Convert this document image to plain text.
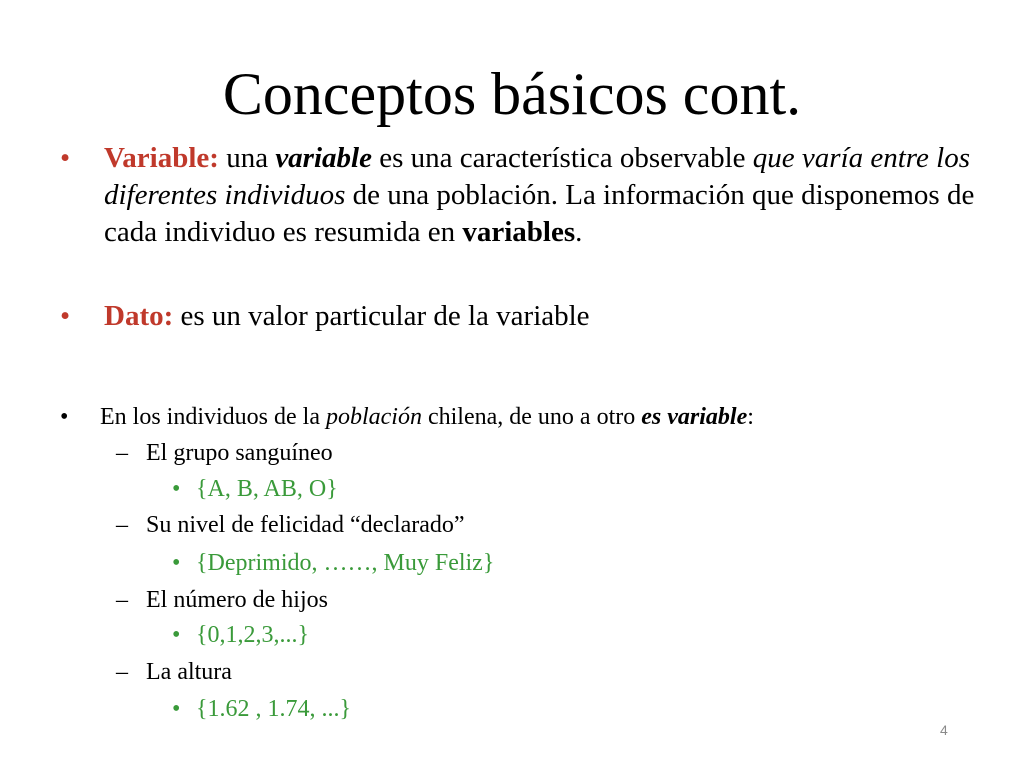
Conceptos básicos cont.
• Variable: una variable es una característica observable que varía entre los diferentes individuos de una población. La información que disponemos de cada individuo es resumida en variables.
• Dato: es un valor particular de la variable
• En los individuos de la población chilena, de uno a otro es variable:
– El grupo sanguíneo
• {A, B, AB, O}
– Su nivel de felicidad “declarado”
• {Deprimido, ……, Muy Feliz}
– El número de hijos
• {0,1,2,3,...}
– La altura
• {1.62 , 1.74, ...}
4
